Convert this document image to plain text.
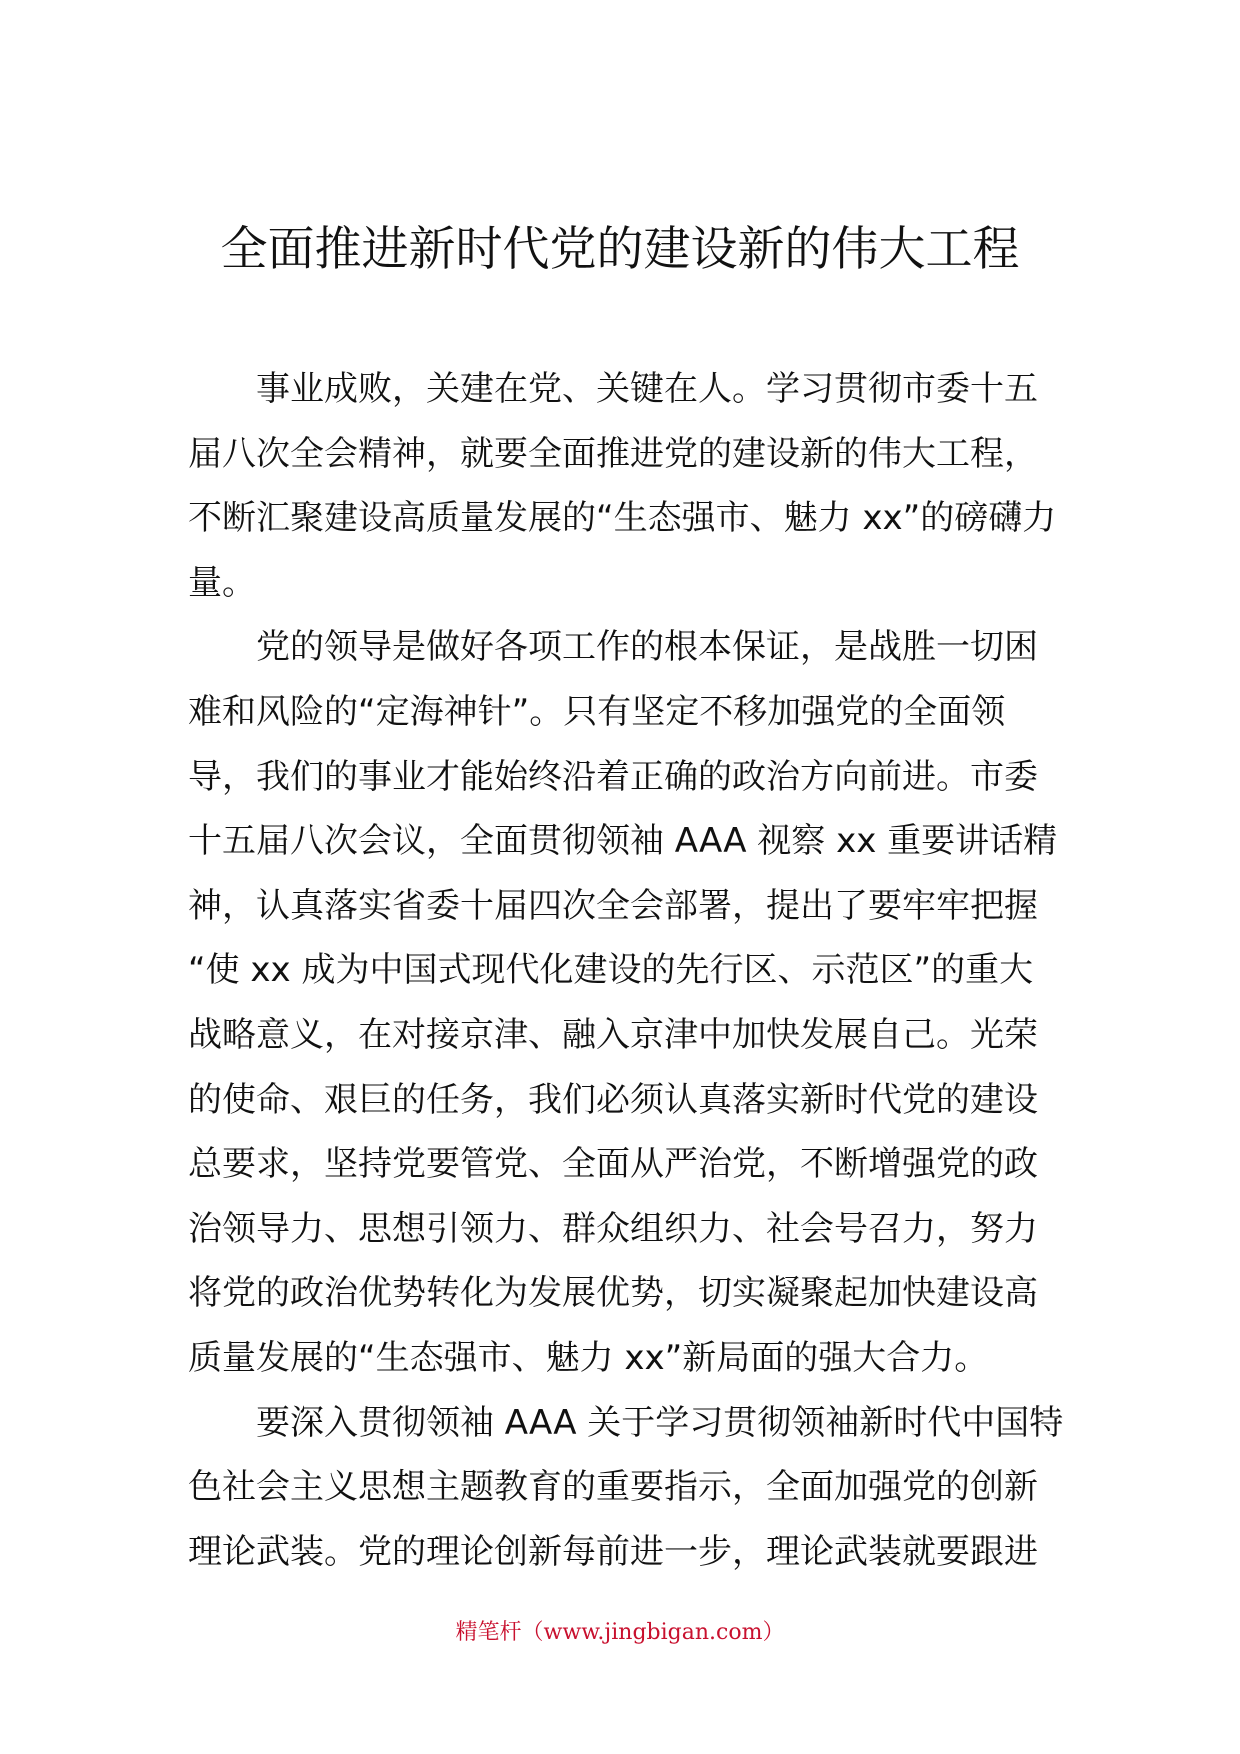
全面推进新时代党的建设新的伟大工程

事业成败，关建在党、关键在人。学习贯彻市委十五
届八次全会精神，就要全面推进党的建设新的伟大工程，
不断汇聚建设高质量发展的“生态强市、魅力 xx”的磅礴力
量。

党的领导是做好各项工作的根本保证，是战胜一切困
难和风险的“定海神针”。只有坚定不移加强党的全面领
导，我们的事业才能始终沿着正确的政治方向前进。市委
十五届八次会议，全面贯彻领袖 AAA 视察 xx 重要讲话精
神，认真落实省委十届四次全会部署，提出了要牢牢把握
“使 xx 成为中国式现代化建设的先行区、示范区”的重大
战略意义，在对接京津、融入京津中加快发展自己。光荣
的使命、艰巨的任务，我们必须认真落实新时代党的建设
总要求，坚持党要管党、全面从严治党，不断增强党的政
治领导力、思想引领力、群众组织力、社会号召力，努力
将党的政治优势转化为发展优势，切实凝聚起加快建设高
质量发展的“生态强市、魅力 xx”新局面的强大合力。

要深入贯彻领袖 AAA 关于学习贯彻领袖新时代中国特
色社会主义思想主题教育的重要指示，全面加强党的创新
理论武装。党的理论创新每前进一步，理论武装就要跟进

精笔杆（www.jingbigan.com）
